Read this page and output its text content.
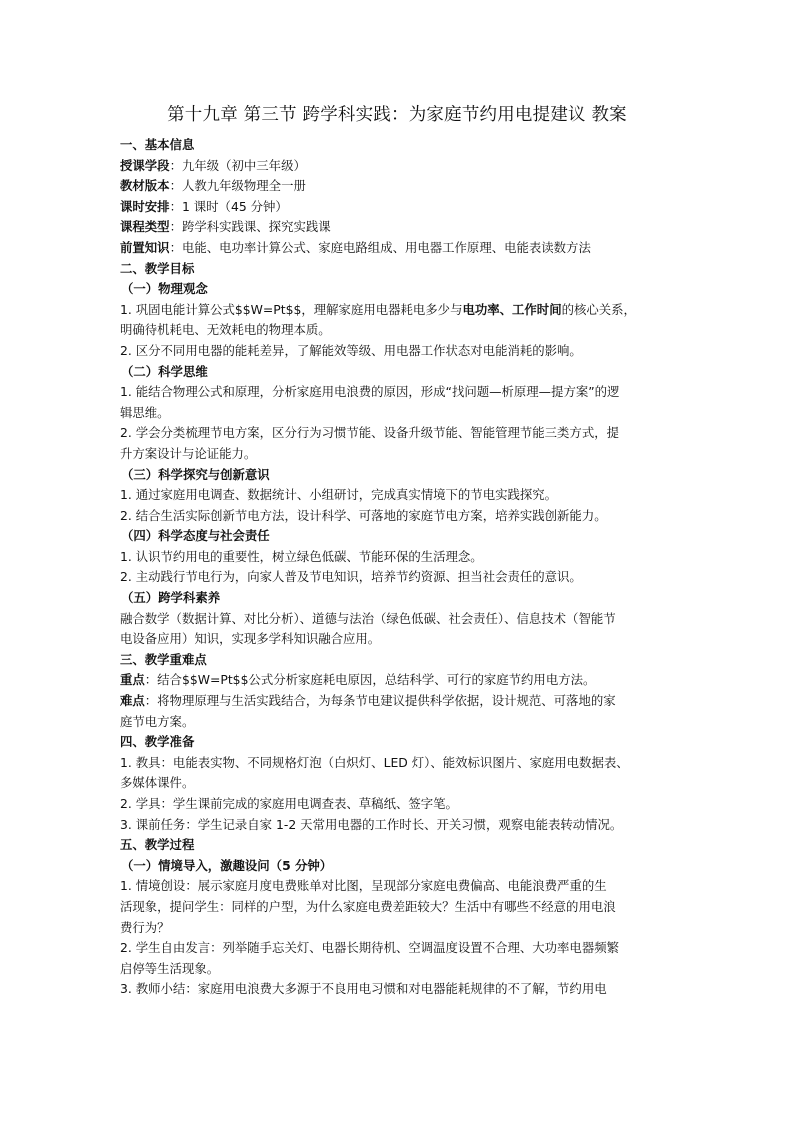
第十九章 第三节 跨学科实践：为家庭节约用电提建议 教案

一、基本信息

授课学段：九年级（初中三年级）

教材版本：人教九年级物理全一册

课时安排：1 课时（45 分钟）

课程类型：跨学科实践课、探究实践课

前置知识：电能、电功率计算公式、家庭电路组成、用电器工作原理、电能表读数方法

二、教学目标

（一）物理观念

1. 巩固电能计算公式$$W=Pt$$，理解家庭用电器耗电多少与电功率、工作时间的核心关系，

明确待机耗电、无效耗电的物理本质。

2. 区分不同用电器的能耗差异，了解能效等级、用电器工作状态对电能消耗的影响。

（二）科学思维

1. 能结合物理公式和原理，分析家庭用电浪费的原因，形成“找问题—析原理—提方案”的逻

辑思维。

2. 学会分类梳理节电方案，区分行为习惯节能、设备升级节能、智能管理节能三类方式，提

升方案设计与论证能力。

（三）科学探究与创新意识

1. 通过家庭用电调查、数据统计、小组研讨，完成真实情境下的节电实践探究。

2. 结合生活实际创新节电方法，设计科学、可落地的家庭节电方案，培养实践创新能力。

（四）科学态度与社会责任

1. 认识节约用电的重要性，树立绿色低碳、节能环保的生活理念。

2. 主动践行节电行为，向家人普及节电知识，培养节约资源、担当社会责任的意识。

（五）跨学科素养

融合数学（数据计算、对比分析）、道德与法治（绿色低碳、社会责任）、信息技术（智能节

电设备应用）知识，实现多学科知识融合应用。

三、教学重难点

重点：结合$$W=Pt$$公式分析家庭耗电原因，总结科学、可行的家庭节约用电方法。

难点：将物理原理与生活实践结合，为每条节电建议提供科学依据，设计规范、可落地的家

庭节电方案。

四、教学准备

1. 教具：电能表实物、不同规格灯泡（白炽灯、LED 灯）、能效标识图片、家庭用电数据表、

多媒体课件。

2. 学具：学生课前完成的家庭用电调查表、草稿纸、签字笔。

3. 课前任务：学生记录自家 1-2 天常用电器的工作时长、开关习惯，观察电能表转动情况。

五、教学过程

（一）情境导入，激趣设问（5 分钟）

1. 情境创设：展示家庭月度电费账单对比图，呈现部分家庭电费偏高、电能浪费严重的生

活现象，提问学生：同样的户型，为什么家庭电费差距较大？生活中有哪些不经意的用电浪

费行为？

2. 学生自由发言：列举随手忘关灯、电器长期待机、空调温度设置不合理、大功率电器频繁

启停等生活现象。

3. 教师小结：家庭用电浪费大多源于不良用电习惯和对电器能耗规律的不了解，节约用电
